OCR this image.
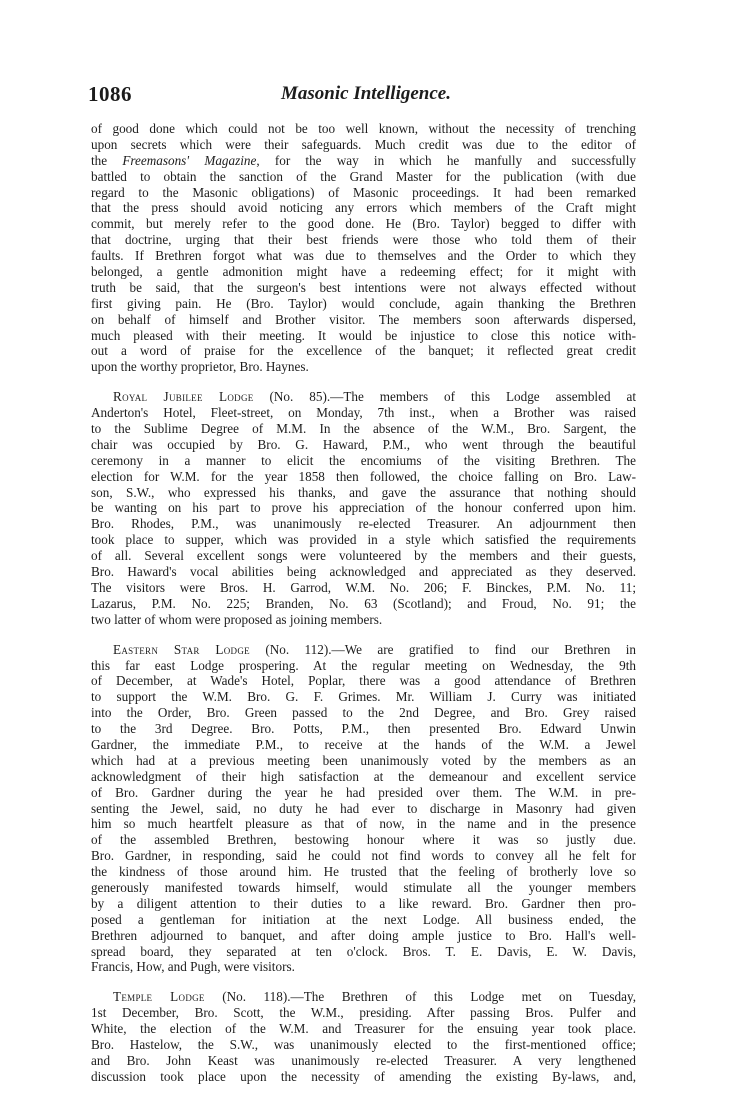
1086	Masonic Intelligence.
of good done which could not be too well known, without the necessity of trenching
upon secrets which were their safeguards. Much credit was due to the editor of
the Freemasons' Magazine, for the way in which he manfully and successfully
battled to obtain the sanction of the Grand Master for the publication (with due
regard to the Masonic obligations) of Masonic proceedings. It had been remarked
that the press should avoid noticing any errors which members of the Craft might
commit, but merely refer to the good done. He (Bro. Taylor) begged to differ with
that doctrine, urging that their best friends were those who told them of their
faults. If Brethren forgot what was due to themselves and the Order to which they
belonged, a gentle admonition might have a redeeming effect; for it might with
truth be said, that the surgeon's best intentions were not always effected without
first giving pain. He (Bro. Taylor) would conclude, again thanking the Brethren
on behalf of himself and Brother visitor. The members soon afterwards dispersed,
much pleased with their meeting. It would be injustice to close this notice with-
out a word of praise for the excellence of the banquet; it reflected great credit
upon the worthy proprietor, Bro. Haynes.
Royal Jubilee Lodge (No. 85).—The members of this Lodge assembled at
Anderton's Hotel, Fleet-street, on Monday, 7th inst., when a Brother was raised
to the Sublime Degree of M.M. In the absence of the W.M., Bro. Sargent, the
chair was occupied by Bro. G. Haward, P.M., who went through the beautiful
ceremony in a manner to elicit the encomiums of the visiting Brethren. The
election for W.M. for the year 1858 then followed, the choice falling on Bro. Law-
son, S.W., who expressed his thanks, and gave the assurance that nothing should
be wanting on his part to prove his appreciation of the honour conferred upon him.
Bro. Rhodes, P.M., was unanimously re-elected Treasurer. An adjournment then
took place to supper, which was provided in a style which satisfied the requirements
of all. Several excellent songs were volunteered by the members and their guests,
Bro. Haward's vocal abilities being acknowledged and appreciated as they deserved.
The visitors were Bros. H. Garrod, W.M. No. 206; F. Binckes, P.M. No. 11;
Lazarus, P.M. No. 225; Branden, No. 63 (Scotland); and Froud, No. 91; the
two latter of whom were proposed as joining members.
Eastern Star Lodge (No. 112).—We are gratified to find our Brethren in
this far east Lodge prospering. At the regular meeting on Wednesday, the 9th
of December, at Wade's Hotel, Poplar, there was a good attendance of Brethren
to support the W.M. Bro. G. F. Grimes. Mr. William J. Curry was initiated
into the Order, Bro. Green passed to the 2nd Degree, and Bro. Grey raised
to the 3rd Degree. Bro. Potts, P.M., then presented Bro. Edward Unwin
Gardner, the immediate P.M., to receive at the hands of the W.M. a Jewel
which had at a previous meeting been unanimously voted by the members as an
acknowledgment of their high satisfaction at the demeanour and excellent service
of Bro. Gardner during the year he had presided over them. The W.M. in pre-
senting the Jewel, said, no duty he had ever to discharge in Masonry had given
him so much heartfelt pleasure as that of now, in the name and in the presence
of the assembled Brethren, bestowing honour where it was so justly due.
Bro. Gardner, in responding, said he could not find words to convey all he felt for
the kindness of those around him. He trusted that the feeling of brotherly love so
generously manifested towards himself, would stimulate all the younger members
by a diligent attention to their duties to a like reward. Bro. Gardner then pro-
posed a gentleman for initiation at the next Lodge. All business ended, the
Brethren adjourned to banquet, and after doing ample justice to Bro. Hall's well-
spread board, they separated at ten o'clock. Bros. T. E. Davis, E. W. Davis,
Francis, How, and Pugh, were visitors.
Temple Lodge (No. 118).—The Brethren of this Lodge met on Tuesday,
1st December, Bro. Scott, the W.M., presiding. After passing Bros. Pulfer and
White, the election of the W.M. and Treasurer for the ensuing year took place.
Bro. Hastelow, the S.W., was unanimously elected to the first-mentioned office;
and Bro. John Keast was unanimously re-elected Treasurer. A very lengthened
discussion took place upon the necessity of amending the existing By-laws, and,
